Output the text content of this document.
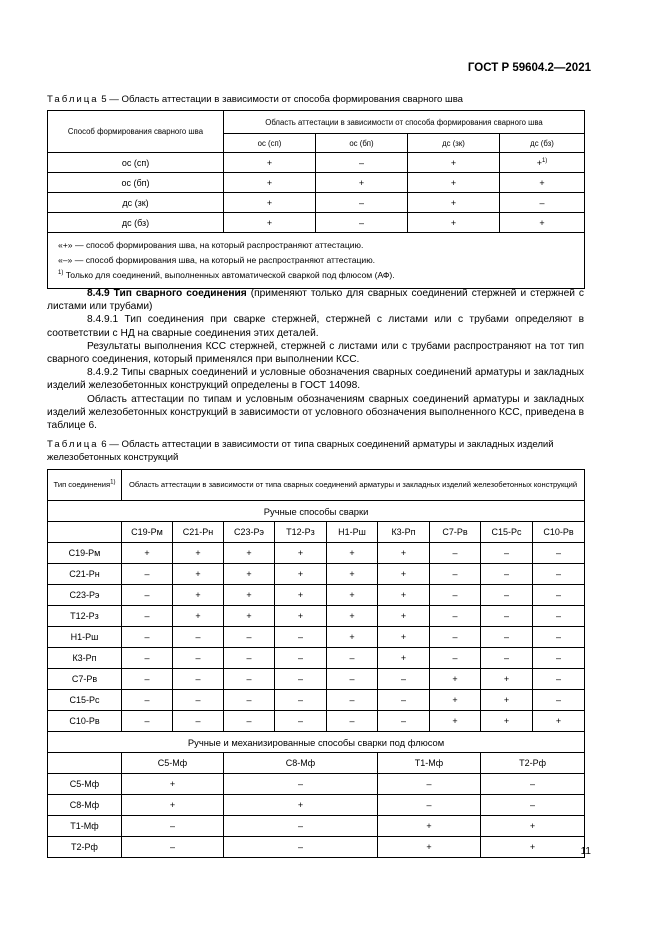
ГОСТ Р 59604.2—2021
Таблица 5 — Область аттестации в зависимости от способа формирования сварного шва
Способ формирования сварного шва	Область аттестации в зависимости от способа формирования сварного шва			
	ос (сп)	ос (бп)	дс (зк)	дс (бз)
ос (сп)	+	–	+	+$^{1)}$
ос (бп)	+	+	+	+
дс (зк)	+	–	+	–
дс (бз)	+	–	+	+

«+» — способ формирования шва, на который распространяют аттестацию.
«–» — способ формирования шва, на который не распространяют аттестацию.
$^{1)}$ Только для соединений, выполненных автоматической сваркой под флюсом (АФ).				

8.4.9 Тип сварного соединения (применяют только для сварных соединений стержней и стержней с листами или трубами)

8.4.9.1 Тип соединения при сварке стержней, стержней с листами или с трубами определяют в соответствии с НД на сварные соединения этих деталей.

Результаты выполнения КСС стержней, стержней с листами или с трубами распространяют на тот тип сварного соединения, который применялся при выполнении КСС.

8.4.9.2 Типы сварных соединений и условные обозначения сварных соединений арматуры и закладных изделий железобетонных конструкций определены в ГОСТ 14098.

Область аттестации по типам и условным обозначениям сварных соединений арматуры и закладных изделий железобетонных конструкций в зависимости от условного обозначения выполненного КСС, приведена в таблице 6.

Таблица 6 — Область аттестации в зависимости от типа сварных соединений арматуры и закладных изделий железобетонных конструкций
Тип соединения$^{1)}$	Область аттестации в зависимости от типа сварных соединений арматуры и закладных изделий железобетонных конструкций								
Ручные способы сварки									
	С19-Рм	С21-Рн	С23-Рэ	Т12-Рз	Н1-Рш	К3-Рп	С7-Рв	С15-Рс	С10-Рв
С19-Рм	+	+	+	+	+	+	–	–	–
С21-Рн	–	+	+	+	+	+	–	–	–
С23-Рэ	–	+	+	+	+	+	–	–	–
Т12-Рз	–	+	+	+	+	+	–	–	–
Н1-Рш	–	–	–	–	+	+	–	–	–
К3-Рп	–	–	–	–	–	+	–	–	–
С7-Рв	–	–	–	–	–	–	+	+	–
С15-Рс	–	–	–	–	–	–	+	+	–
С10-Рв	–	–	–	–	–	–	+	+	+
Ручные и механизированные способы сварки под флюсом									
	С5-Мф		С8-Мф			Т1-Мф		Т2-Рф	
С5-Мф	+		–			–		–	
С8-Мф	+		+			–		–	
Т1-Мф	–		–			+		+	
Т2-Рф	–		–			+		+		11
